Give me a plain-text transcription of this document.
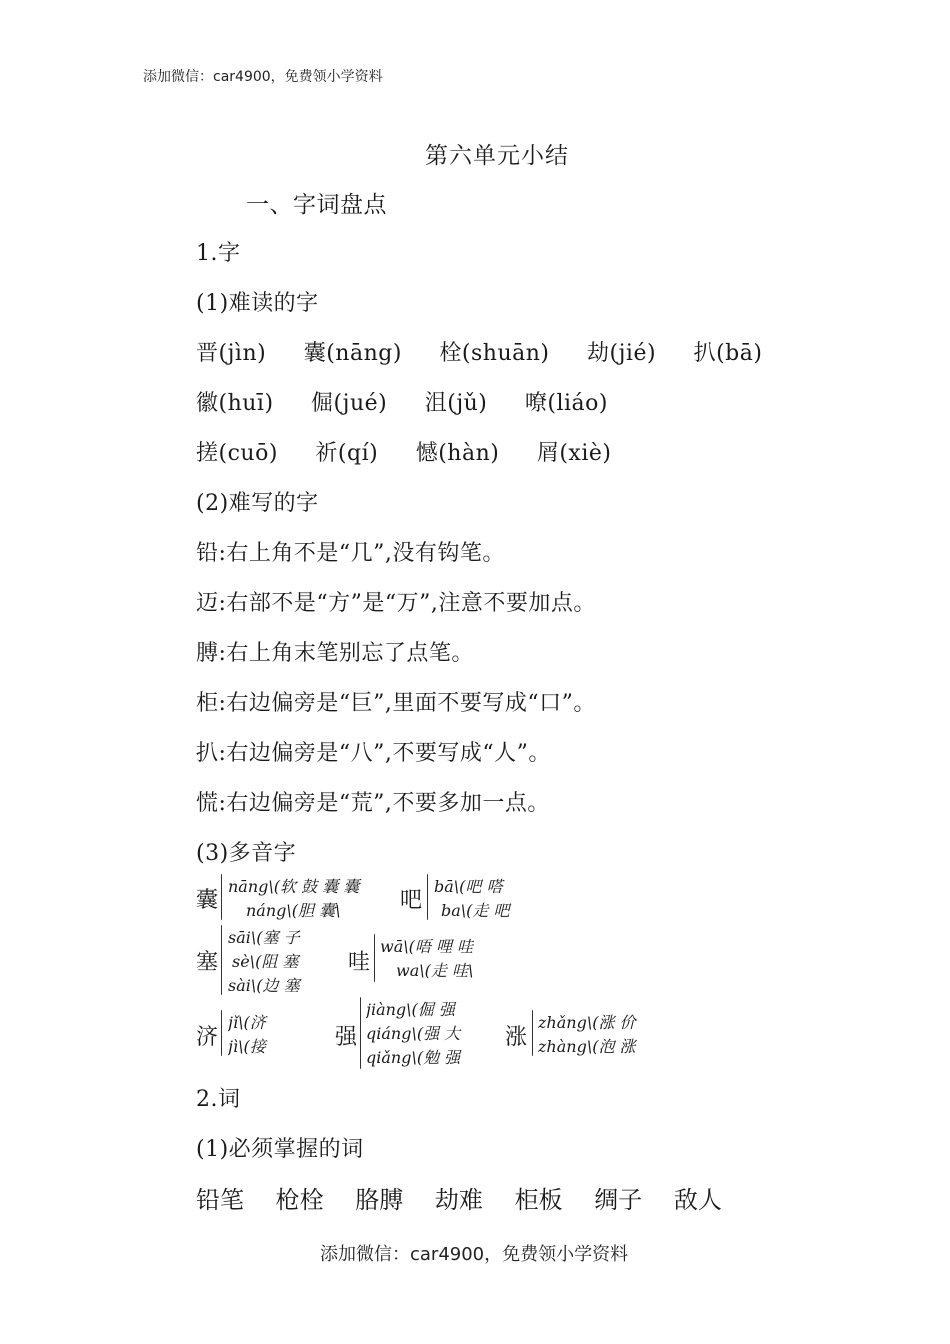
添加微信：car4900，免费领小学资料
第六单元小结
一、字词盘点
1.字
(1)难读的字
晋(jìn) 囊(nāng) 栓(shuān) 劫(jié) 扒(bā)
徽(huī) 倔(jué) 沮(jǔ) 嘹(liáo)
搓(cuō) 祈(qí) 憾(hàn) 屑(xiè)
(2)难写的字
铅:右上角不是“几”,没有钩笔。
迈:右部不是“方”是“万”,注意不要加点。
膊:右上角末笔别忘了点笔。
柜:右边偏旁是“巨”,里面不要写成“口”。
扒:右边偏旁是“八”,不要写成“人”。
慌:右边偏旁是“荒”,不要多加一点。
(3)多音字
囊
nāng\(软 鼓 囊 囊
náng\(胆 囊\	吧
bā\(吧 嗒
ba\(走 吧
塞
sāi\(塞 子
sè\(阻 塞
sài\(边 塞
哇
wā\(唔 哩 哇
wa\(走 哇\
济
jǐ\(济
jì\(接	强
jiàng\(倔 强
qiáng\(强 大
qiǎng\(勉 强
涨
zhǎng\(涨 价
zhàng\(泡 涨
2.词
(1)必须掌握的词
铅笔 枪栓 胳膊 劫难 柜板 绸子 敌人
添加微信：car4900，免费领小学资料
